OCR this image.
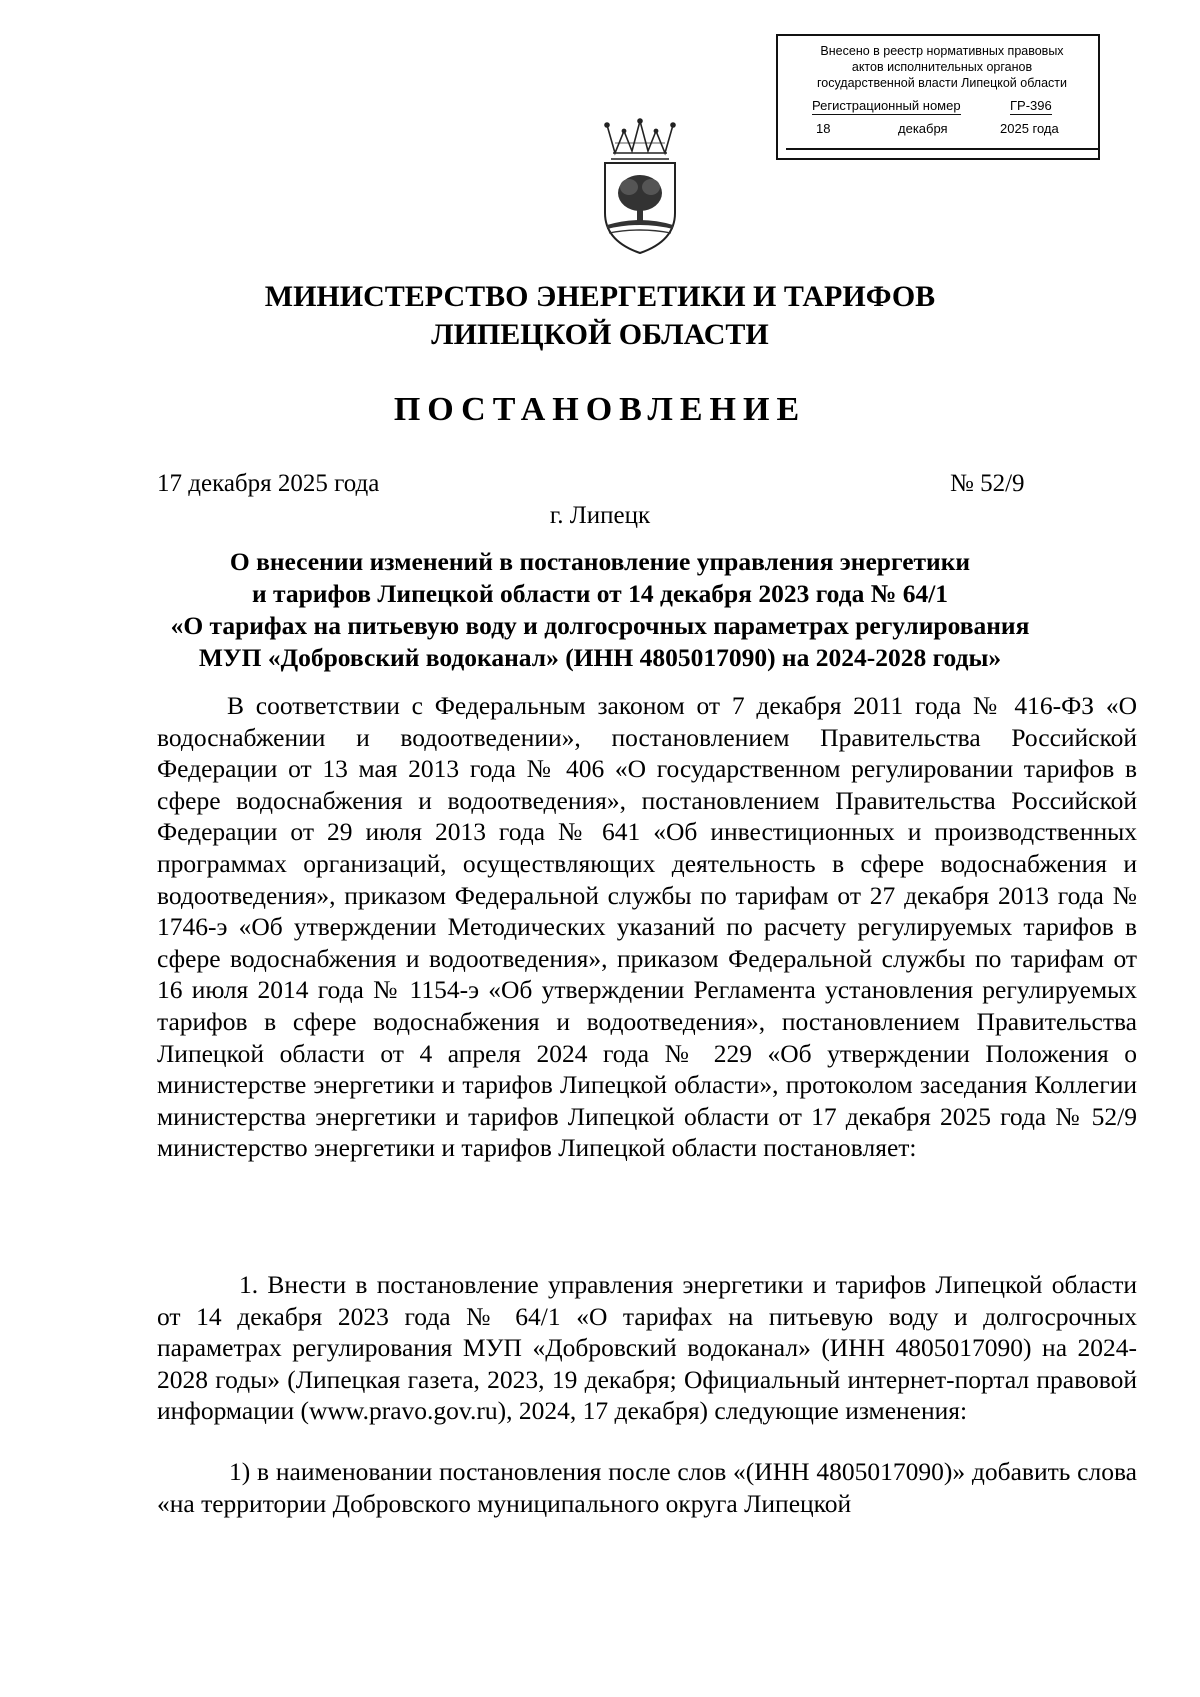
Внесено в реестр нормативных правовых
актов исполнительных органов
государственной власти Липецкой области
Регистрационный номер	ГР-396
18	декабря	2025 года
МИНИСТЕРСТВО ЭНЕРГЕТИКИ И ТАРИФОВ
ЛИПЕЦКОЙ ОБЛАСТИ
ПОСТАНОВЛЕНИЕ
17 декабря 2025 года	№ 52/9
г. Липецк
О внесении изменений в постановление управления энергетики
и тарифов Липецкой области от 14 декабря 2023 года № 64/1
«О тарифах на питьевую воду и долгосрочных параметрах регулирования
МУП «Добровский водоканал» (ИНН 4805017090) на 2024-2028 годы»
В соответствии с Федеральным законом от 7 декабря 2011 года № 416-ФЗ «О водоснабжении и водоотведении», постановлением Правительства Российской Федерации от 13 мая 2013 года № 406 «О государственном регулировании тарифов в сфере водоснабжения и водоотведения», постановлением Правительства Российской Федерации от 29 июля 2013 года № 641 «Об инвестиционных и производственных программах организаций, осуществляющих деятельность в сфере водоснабжения и водоотведения», приказом Федеральной службы по тарифам от 27 декабря 2013 года № 1746-э «Об утверждении Методических указаний по расчету регулируемых тарифов в сфере водоснабжения и водоотведения», приказом Федеральной службы по тарифам от 16 июля 2014 года № 1154-э «Об утверждении Регламента установления регулируемых тарифов в сфере водоснабжения и водоотведения», постановлением Правительства Липецкой области от 4 апреля 2024 года № 229 «Об утверждении Положения о министерстве энергетики и тарифов Липецкой области», протоколом заседания Коллегии министерства энергетики и тарифов Липецкой области от 17 декабря 2025 года № 52/9 министерство энергетики и тарифов Липецкой области постановляет:
1. Внести в постановление управления энергетики и тарифов Липецкой области от 14 декабря 2023 года № 64/1 «О тарифах на питьевую воду и долгосрочных параметрах регулирования МУП «Добровский водоканал» (ИНН 4805017090) на 2024-2028 годы» (Липецкая газета, 2023, 19 декабря; Официальный интернет-портал правовой информации (www.pravo.gov.ru), 2024, 17 декабря) следующие изменения:
1) в наименовании постановления после слов «(ИНН 4805017090)» добавить слова «на территории Добровского муниципального округа Липецкой
